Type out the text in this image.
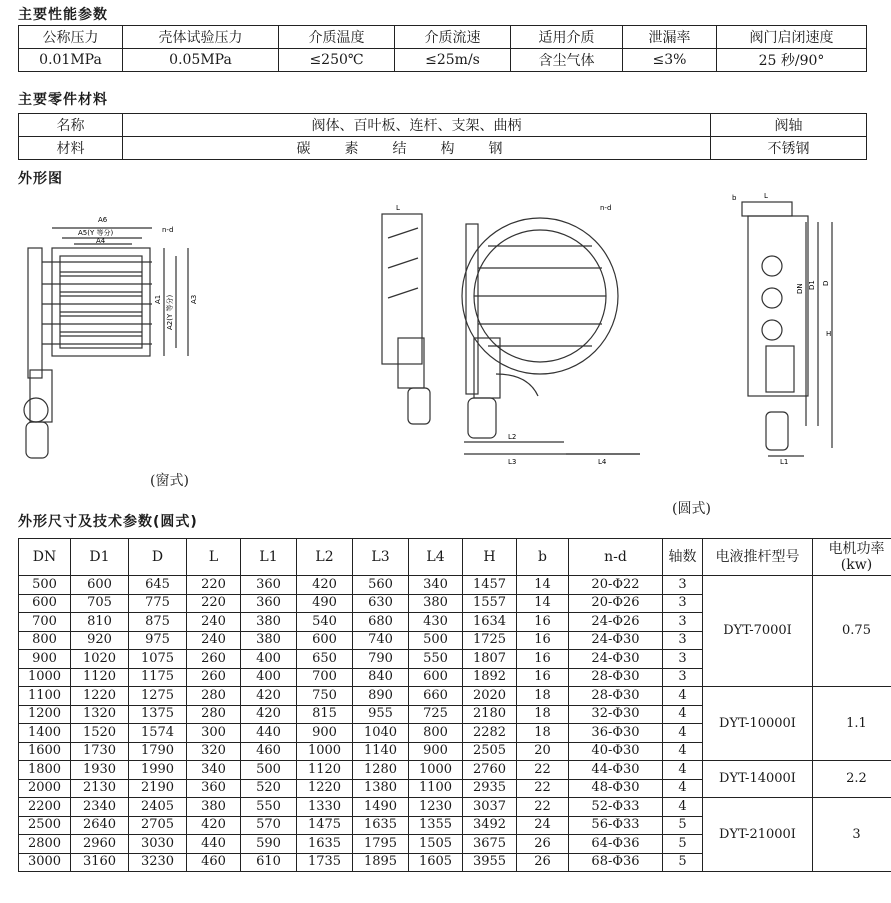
主要性能参数
公称压力	壳体试验压力	介质温度	介质流速	适用介质	泄漏率	阀门启闭速度
0.01MPa	0.05MPa	≤250℃	≤25m/s	含尘气体	≤3%	25 秒/90°
主要零件材料
名称	阀体、百叶板、连杆、支架、曲柄	阀轴
材料	碳素结构钢	不锈钢
外形图
A6
A5(Y 等分)
A4
n-d
A1 A2(Y 等分) A3
(窗式)
L	n-d
L2
L3	L4
b	L
DN D1 D
H
L1
(圆式)
外形尺寸及技术参数(圆式)
DN	D1	D	L	L1	L2	L3	L4	H	b	n-d	轴数	电液推杆型号	电机功率(kw)
500	600	645	220	360	420	560	340	1457	14	20-Φ22	3	DYT-7000I	0.75
600	705	775	220	360	490	630	380	1557	14	20-Φ26	3		
700	810	875	240	380	540	680	430	1634	16	24-Φ26	3		
800	920	975	240	380	600	740	500	1725	16	24-Φ30	3		
900	1020	1075	260	400	650	790	550	1807	16	24-Φ30	3		
1000	1120	1175	260	400	700	840	600	1892	16	28-Φ30	3		
1100	1220	1275	280	420	750	890	660	2020	18	28-Φ30	4	DYT-10000I	1.1
1200	1320	1375	280	420	815	955	725	2180	18	32-Φ30	4		
1400	1520	1574	300	440	900	1040	800	2282	18	36-Φ30	4		
1600	1730	1790	320	460	1000	1140	900	2505	20	40-Φ30	4		
1800	1930	1990	340	500	1120	1280	1000	2760	22	44-Φ30	4	DYT-14000I	2.2
2000	2130	2190	360	520	1220	1380	1100	2935	22	48-Φ30	4		
2200	2340	2405	380	550	1330	1490	1230	3037	22	52-Φ33	4	DYT-21000I	3
2500	2640	2705	420	570	1475	1635	1355	3492	24	56-Φ33	5		
2800	2960	3030	440	590	1635	1795	1505	3675	26	64-Φ36	5		
3000	3160	3230	460	610	1735	1895	1605	3955	26	68-Φ36	5		
